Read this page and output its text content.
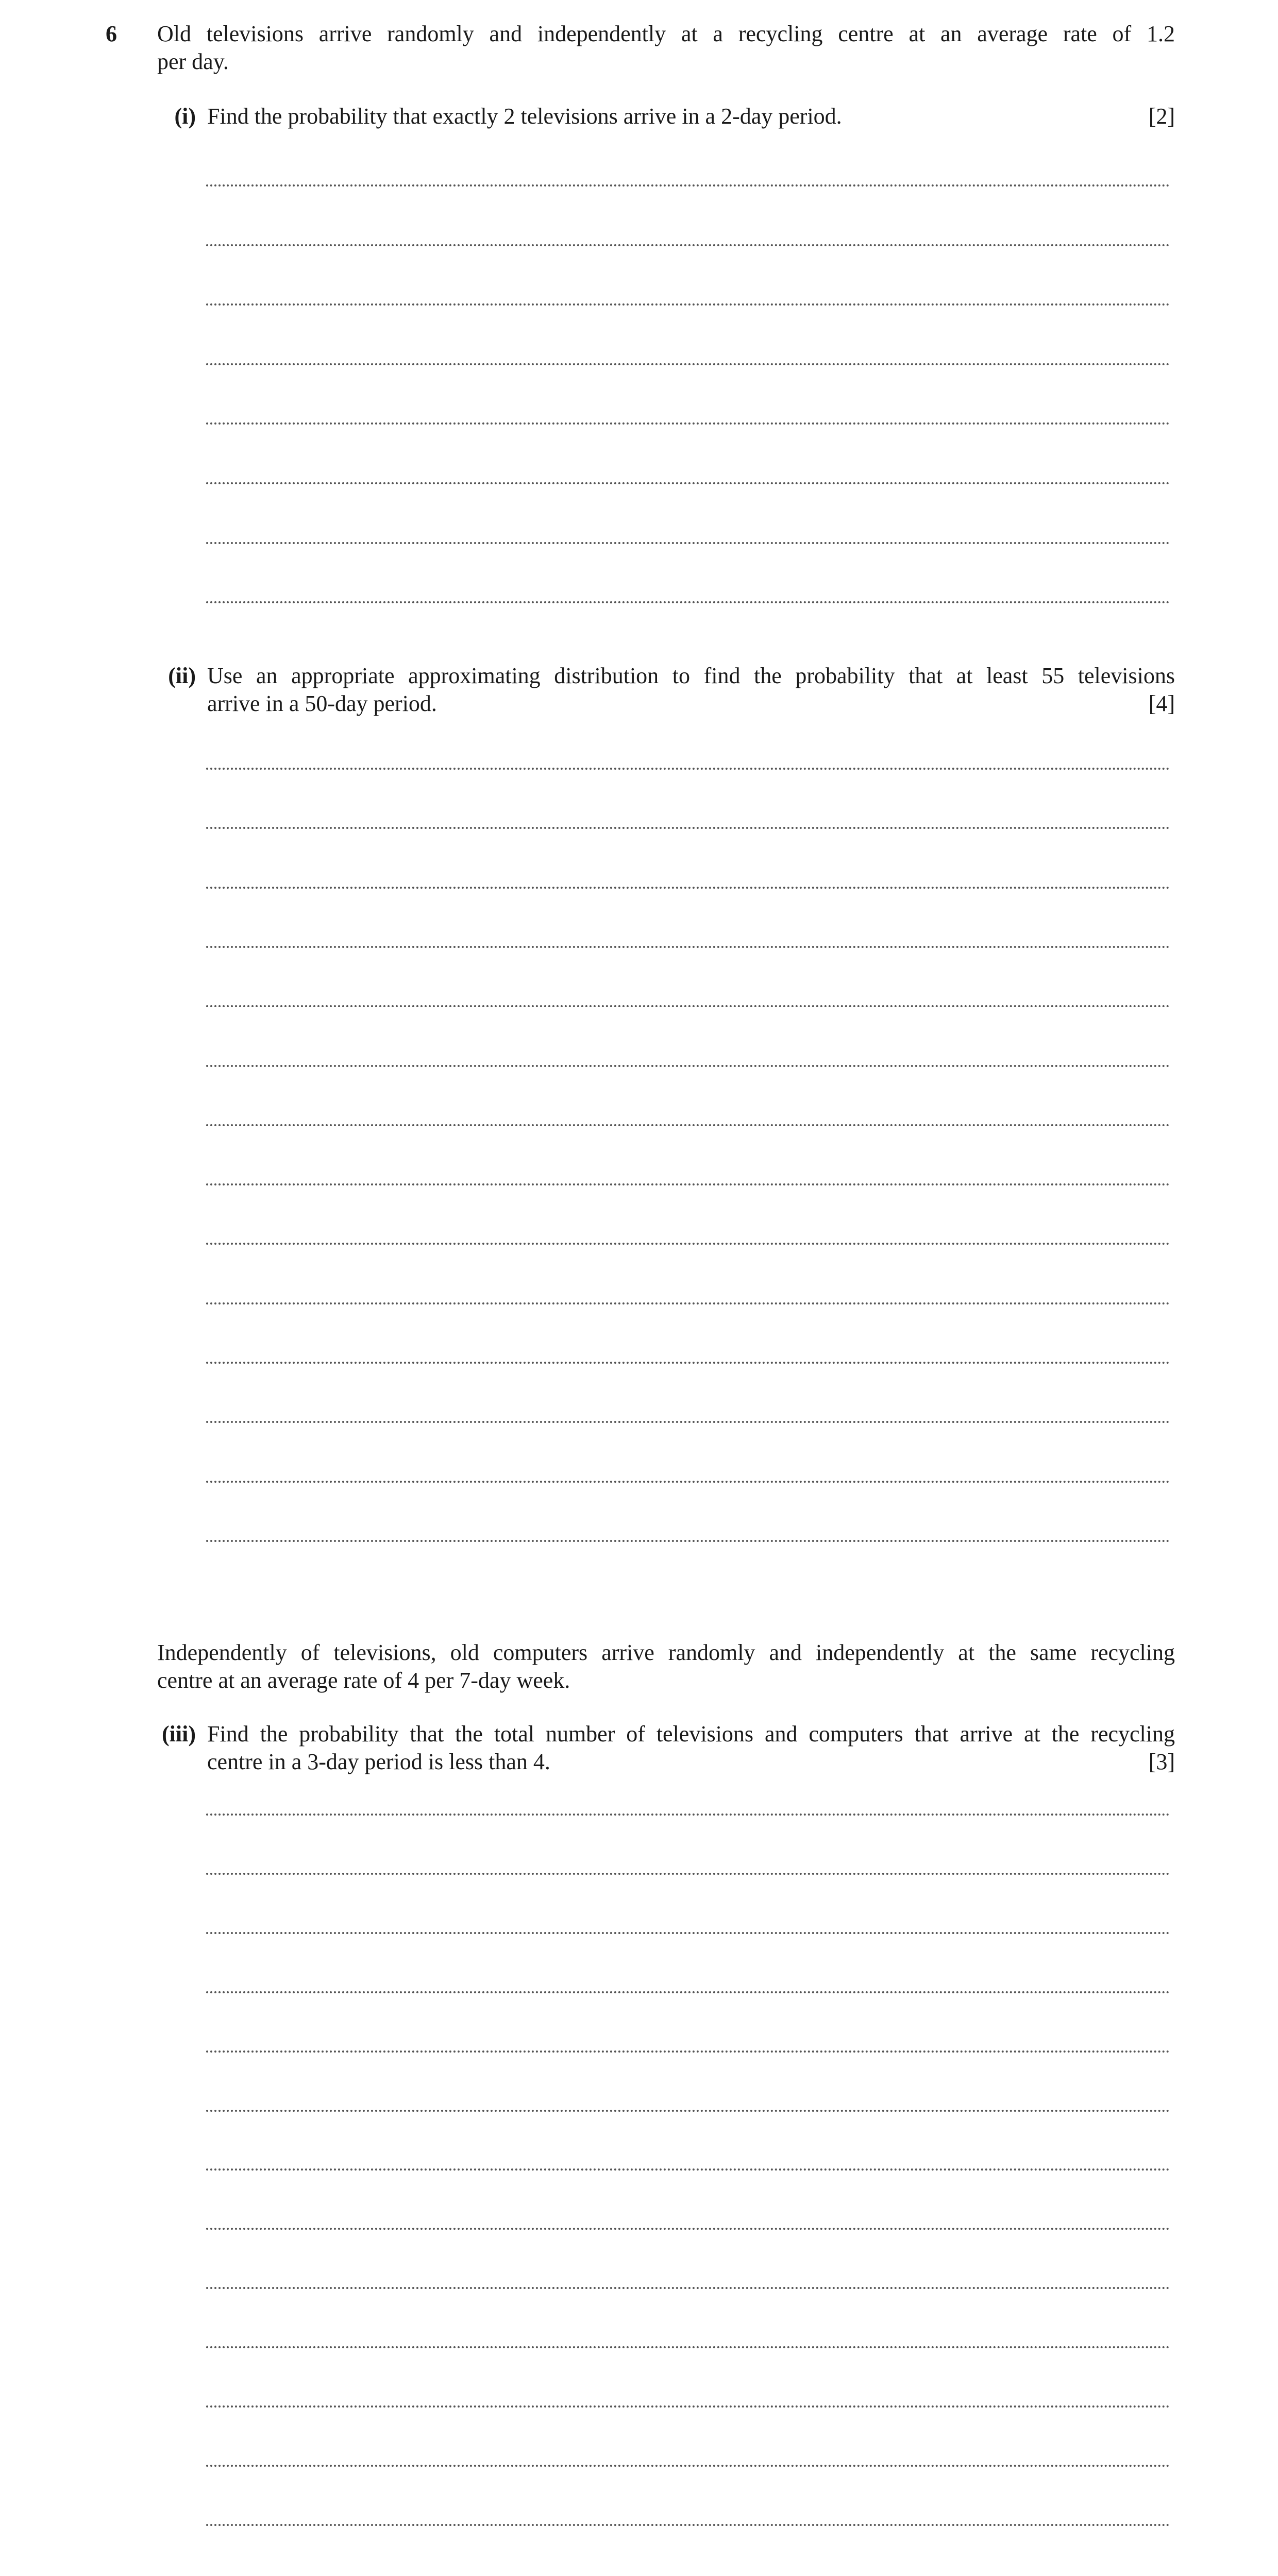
6 Old televisions arrive randomly and independently at a recycling centre at an average rate of 1.2
per day.
(i) Find the probability that exactly 2 televisions arrive in a 2-day period.	[2]
(ii) Use an appropriate approximating distribution to find the probability that at least 55 televisions
arrive in a 50-day period.	[4]
Independently of televisions, old computers arrive randomly and independently at the same recycling
centre at an average rate of 4 per 7-day week.
(iii) Find the probability that the total number of televisions and computers that arrive at the recycling
centre in a 3-day period is less than 4.	[3]
